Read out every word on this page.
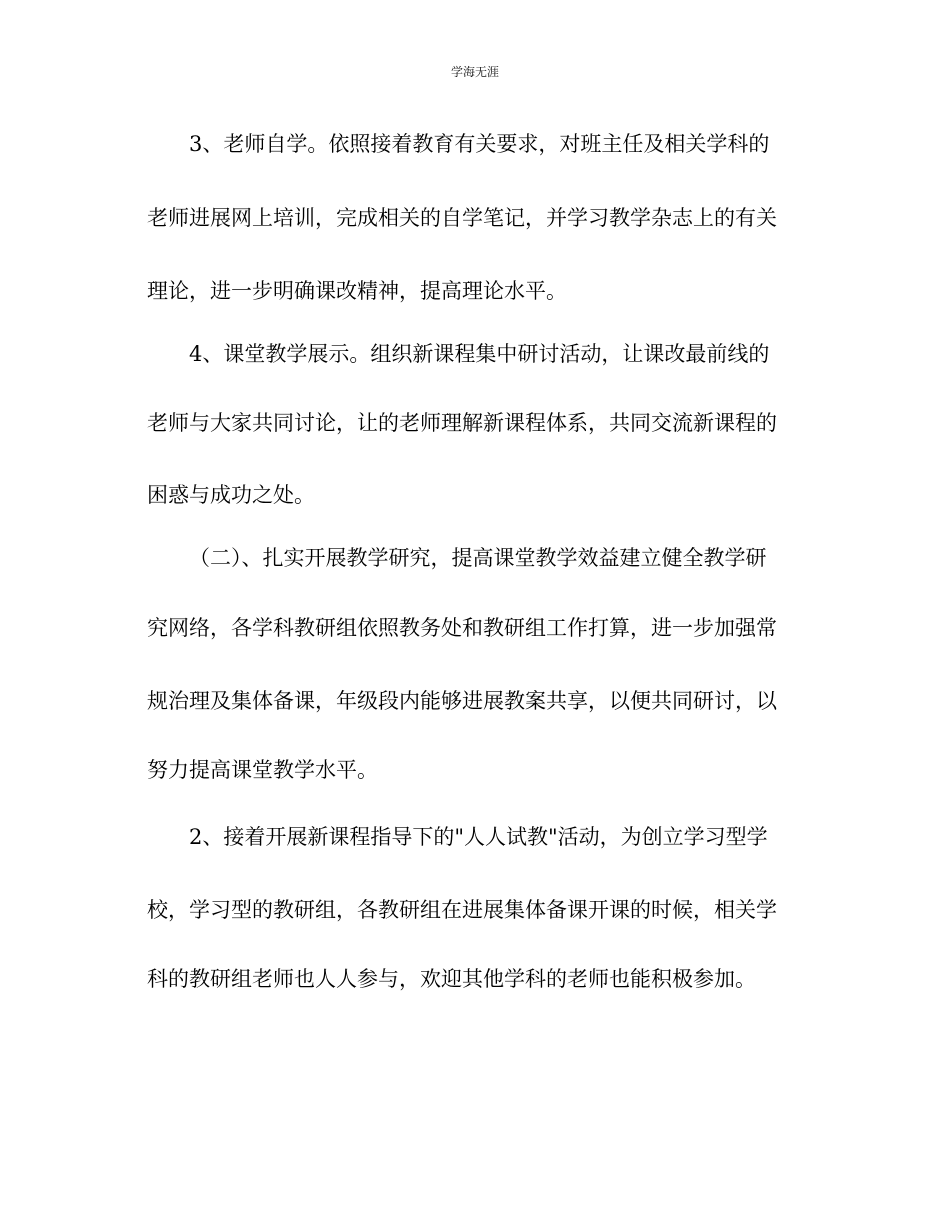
学海无涯
3、老师自学。依照接着教育有关要求，对班主任及相关学科的
老师进展网上培训，完成相关的自学笔记，并学习教学杂志上的有关
理论，进一步明确课改精神，提高理论水平。
4、课堂教学展示。组织新课程集中研讨活动，让课改最前线的
老师与大家共同讨论，让的老师理解新课程体系，共同交流新课程的
困惑与成功之处。
（二）、扎实开展教学研究，提高课堂教学效益建立健全教学研
究网络，各学科教研组依照教务处和教研组工作打算，进一步加强常
规治理及集体备课，年级段内能够进展教案共享，以便共同研讨，以
努力提高课堂教学水平。
2、接着开展新课程指导下的"人人试教"活动，为创立学习型学
校，学习型的教研组，各教研组在进展集体备课开课的时候，相关学
科的教研组老师也人人参与，欢迎其他学科的老师也能积极参加。
